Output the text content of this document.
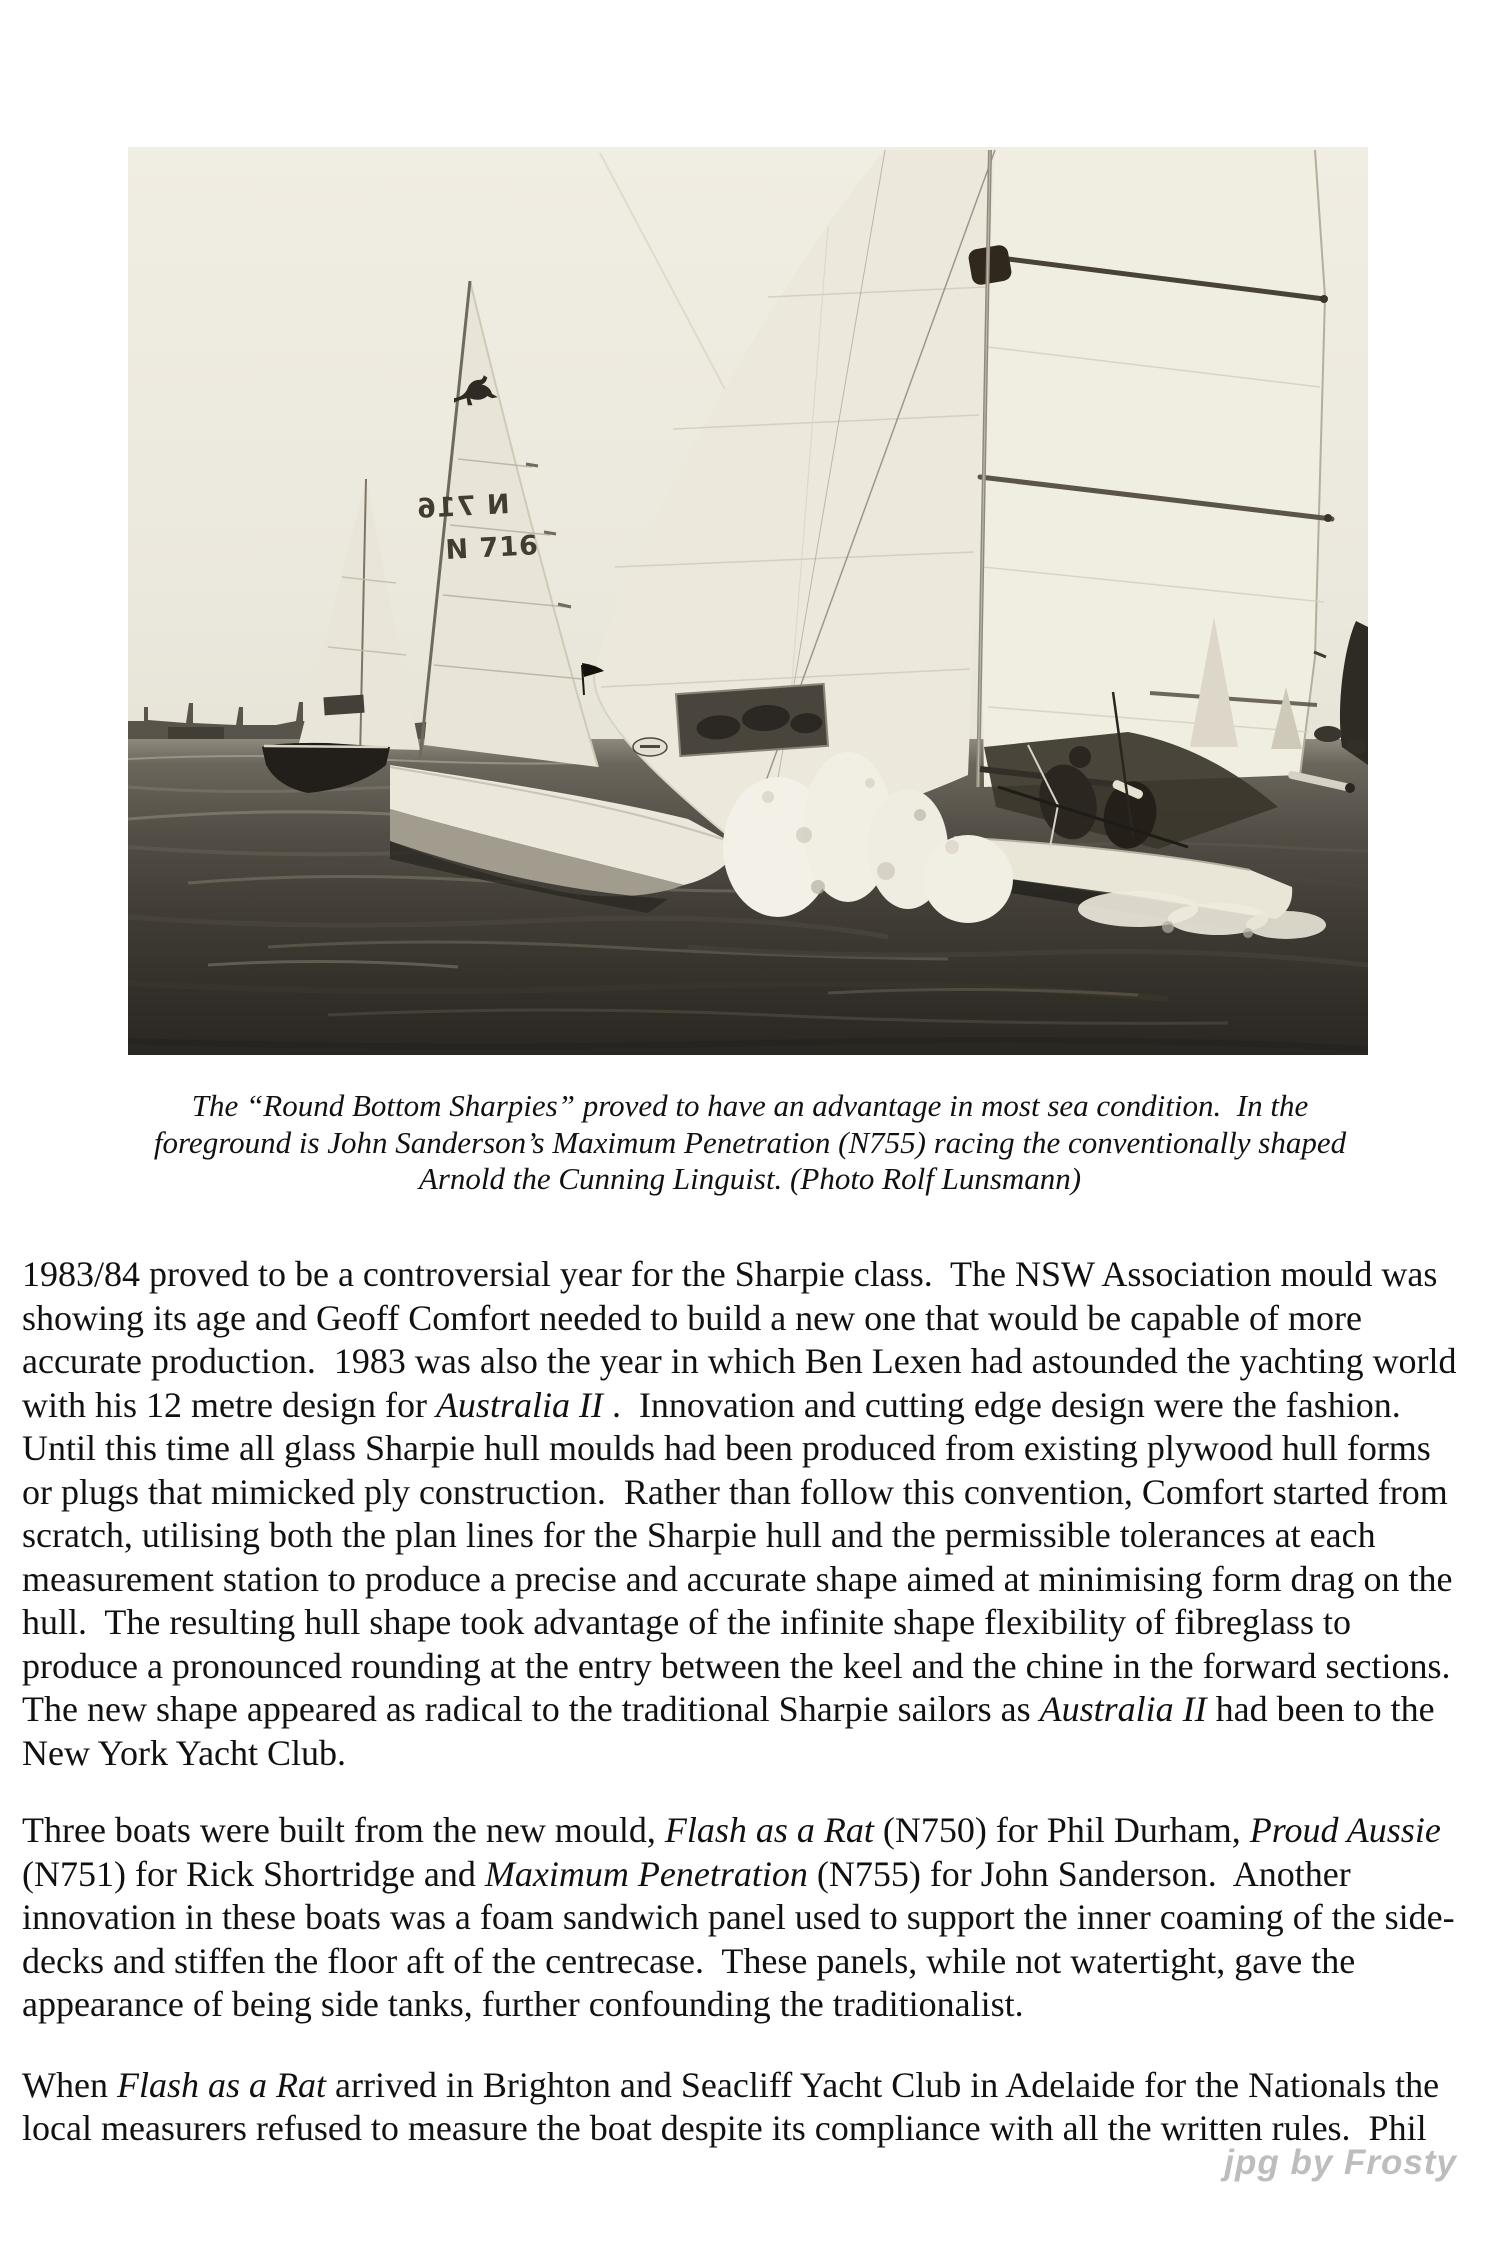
N 716
N 716
The “Round Bottom Sharpies” proved to have an advantage in most sea condition.  In the
foreground is John Sanderson’s Maximum Penetration (N755) racing the conventionally shaped
Arnold the Cunning Linguist. (Photo Rolf Lunsmann)
1983/84 proved to be a controversial year for the Sharpie class.  The NSW Association mould was
showing its age and Geoff Comfort needed to build a new one that would be capable of more
accurate production.  1983 was also the year in which Ben Lexen had astounded the yachting world
with his 12 metre design for Australia II .  Innovation and cutting edge design were the fashion.
Until this time all glass Sharpie hull moulds had been produced from existing plywood hull forms
or plugs that mimicked ply construction.  Rather than follow this convention, Comfort started from
scratch, utilising both the plan lines for the Sharpie hull and the permissible tolerances at each
measurement station to produce a precise and accurate shape aimed at minimising form drag on the
hull.  The resulting hull shape took advantage of the infinite shape flexibility of fibreglass to
produce a pronounced rounding at the entry between the keel and the chine in the forward sections.
The new shape appeared as radical to the traditional Sharpie sailors as Australia II had been to the
New York Yacht Club.
Three boats were built from the new mould, Flash as a Rat (N750) for Phil Durham, Proud Aussie
(N751) for Rick Shortridge and Maximum Penetration (N755) for John Sanderson.  Another
innovation in these boats was a foam sandwich panel used to support the inner coaming of the side-
decks and stiffen the floor aft of the centrecase.  These panels, while not watertight, gave the
appearance of being side tanks, further confounding the traditionalist.
When Flash as a Rat arrived in Brighton and Seacliff Yacht Club in Adelaide for the Nationals the
local measurers refused to measure the boat despite its compliance with all the written rules.  Phil
jpg by Frosty
